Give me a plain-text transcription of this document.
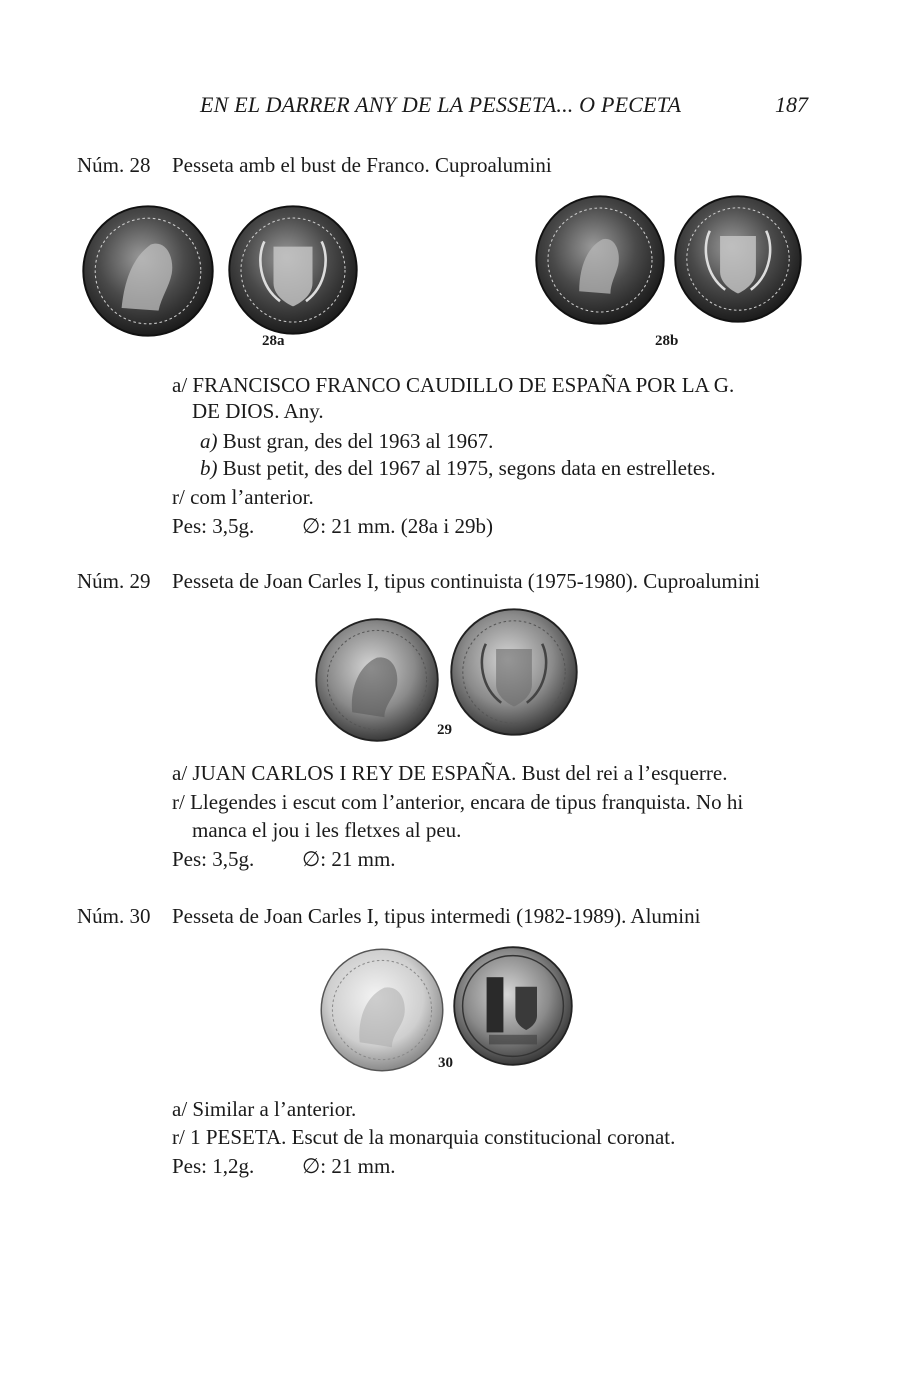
EN EL DARRER ANY DE LA PESSETA... O PECETA	187
Núm. 28 Pesseta amb el bust de Franco. Cuproalumini
28a	28b
a/ FRANCISCO FRANCO CAUDILLO DE ESPAÑA POR LA G.
DE DIOS. Any.
a) Bust gran, des del 1963 al 1967.
b) Bust petit, des del 1967 al 1975, segons data en estrelletes.
r/ com l’anterior.
Pes: 3,5g. ∅: 21 mm. (28a i 29b)
Núm. 29 Pesseta de Joan Carles I, tipus continuista (1975-1980). Cuproalumini
29
a/ JUAN CARLOS I REY DE ESPAÑA. Bust del rei a l’esquerre.
r/ Llegendes i escut com l’anterior, encara de tipus franquista. No hi
manca el jou i les fletxes al peu.
Pes: 3,5g. ∅: 21 mm.
Núm. 30 Pesseta de Joan Carles I, tipus intermedi (1982-1989). Alumini
30
a/ Similar a l’anterior.
r/ 1 PESETA. Escut de la monarquia constitucional coronat.
Pes: 1,2g. ∅: 21 mm.
